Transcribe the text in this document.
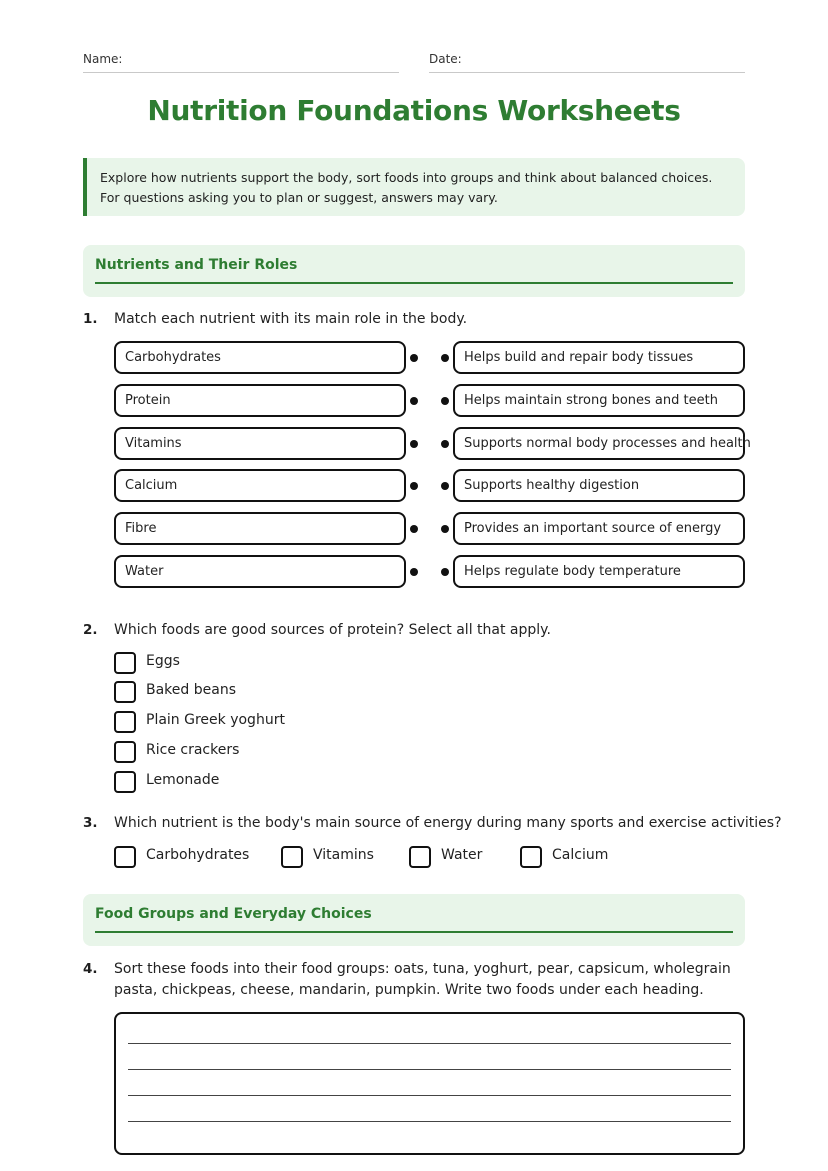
Name:	Date:
Nutrition Foundations Worksheets

Explore how nutrients support the body, sort foods into groups and think about balanced choices. For questions asking you to plan or suggest, answers may vary.

Nutrients and Their Roles
1. Match each nutrient with its main role in the body.
Carbohydrates	Helps build and repair body tissues
Protein	Helps maintain strong bones and teeth
Vitamins	Supports normal body processes and health
Calcium	Supports healthy digestion
Fibre	Provides an important source of energy
Water	Helps regulate body temperature
2. Which foods are good sources of protein? Select all that apply.
Eggs
Baked beans
Plain Greek yoghurt
Rice crackers
Lemonade
3. Which nutrient is the body's main source of energy during many sports and exercise activities?
Carbohydrates	Vitamins	Water	Calcium
Food Groups and Everyday Choices
4. Sort these foods into their food groups: oats, tuna, yoghurt, pear, capsicum, wholegrain pasta, chickpeas, cheese, mandarin, pumpkin. Write two foods under each heading.
